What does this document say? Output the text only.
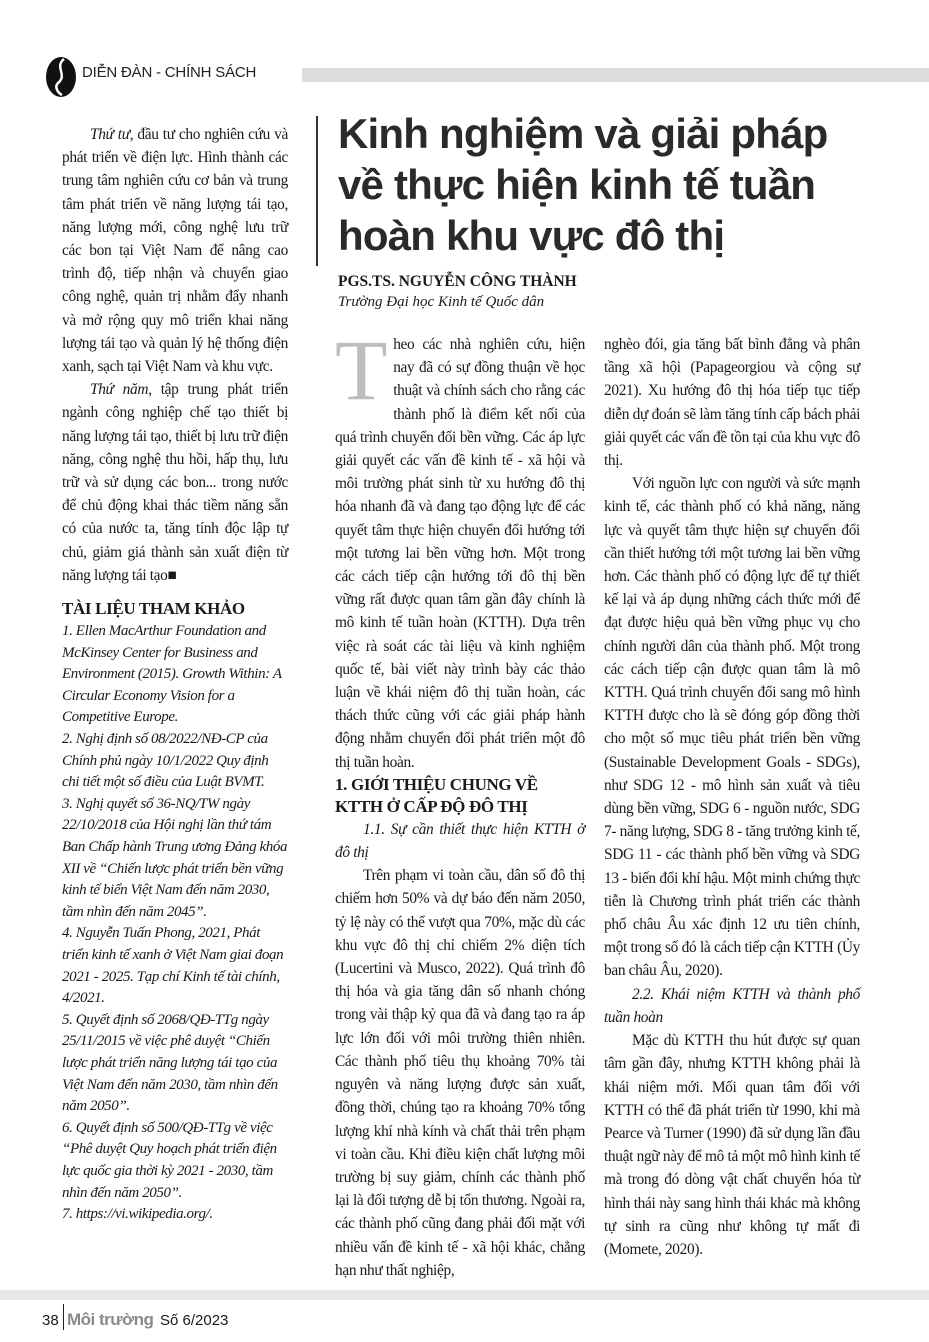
DIỄN ĐÀN - CHÍNH SÁCH
Kinh nghiệm và giải pháp về thực hiện kinh tế tuần hoàn khu vực đô thị
PGS.TS. NGUYỄN CÔNG THÀNH
Trường Đại học Kinh tế Quốc dân

Thứ tư, đầu tư cho nghiên cứu và phát triển về điện lực. Hình thành các trung tâm nghiên cứu cơ bản và trung tâm phát triển về năng lượng tái tạo, năng lượng mới, công nghệ lưu trữ các bon tại Việt Nam để nâng cao trình độ, tiếp nhận và chuyển giao công nghệ, quản trị nhằm đẩy nhanh và mở rộng quy mô triển khai năng lượng tái tạo và quản lý hệ thống điện xanh, sạch tại Việt Nam và khu vực.

Thứ năm, tập trung phát triển ngành công nghiệp chế tạo thiết bị năng lượng tái tạo, thiết bị lưu trữ điện năng, công nghệ thu hồi, hấp thụ, lưu trữ và sử dụng các bon... trong nước để chủ động khai thác tiềm năng sẵn có của nước ta, tăng tính độc lập tự chủ, giảm giá thành sản xuất điện từ năng lượng tái tạo■

TÀI LIỆU THAM KHẢO

1. Ellen MacArthur Foundation and McKinsey Center for Business and Environment (2015). Growth Within: A Circular Economy Vision for a Competitive Europe.

2. Nghị định số 08/2022/NĐ-CP của Chính phủ ngày 10/1/2022 Quy định chi tiết một số điều của Luật BVMT.

3. Nghị quyết số 36-NQ/TW ngày 22/10/2018 của Hội nghị lần thứ tám Ban Chấp hành Trung ương Đảng khóa XII về “Chiến lược phát triển bền vững kinh tế biển Việt Nam đến năm 2030, tầm nhìn đến năm 2045”.

4. Nguyễn Tuấn Phong, 2021, Phát triển kinh tế xanh ở Việt Nam giai đoạn 2021 - 2025. Tạp chí Kinh tế tài chính, 4/2021.

5. Quyết định số 2068/QĐ-TTg ngày 25/11/2015 về việc phê duyệt “Chiến lược phát triển năng lượng tái tạo của Việt Nam đến năm 2030, tầm nhìn đến năm 2050”.

6. Quyết định số 500/QĐ-TTg về việc “Phê duyệt Quy hoạch phát triển điện lực quốc gia thời kỳ 2021 - 2030, tầm nhìn đến năm 2050”.

7. https://vi.wikipedia.org/.

Theo các nhà nghiên cứu, hiện nay đã có sự đồng thuận về học thuật và chính sách cho rằng các thành phố là điểm kết nối của quá trình chuyển đổi bền vững. Các áp lực giải quyết các vấn đề kinh tế - xã hội và môi trường phát sinh từ xu hướng đô thị hóa nhanh đã và đang tạo động lực để các quyết tâm thực hiện chuyển đổi hướng tới một tương lai bền vững hơn. Một trong các cách tiếp cận hướng tới đô thị bền vững rất được quan tâm gần đây chính là mô kinh tế tuần hoàn (KTTH). Dựa trên việc rà soát các tài liệu và kinh nghiệm quốc tế, bài viết này trình bày các thảo luận về khái niệm đô thị tuần hoàn, các thách thức cũng với các giải pháp hành động nhằm chuyển đổi phát triển một đô thị tuần hoàn.

1. GIỚI THIỆU CHUNG VỀ KTTH Ở CẤP ĐỘ ĐÔ THỊ

1.1. Sự cần thiết thực hiện KTTH ở đô thị

Trên phạm vi toàn cầu, dân số đô thị chiếm hơn 50% và dự báo đến năm 2050, tỷ lệ này có thể vượt qua 70%, mặc dù các khu vực đô thị chỉ chiếm 2% diện tích (Lucertini và Musco, 2022). Quá trình đô thị hóa và gia tăng dân số nhanh chóng trong vài thập kỷ qua đã và đang tạo ra áp lực lớn đối với môi trường thiên nhiên. Các thành phố tiêu thụ khoảng 70% tài nguyên và năng lượng được sản xuất, đồng thời, chúng tạo ra khoảng 70% tổng lượng khí nhà kính và chất thải trên phạm vi toàn cầu. Khi điều kiện chất lượng môi trường bị suy giảm, chính các thành phố lại là đối tượng dễ bị tổn thương. Ngoài ra, các thành phố cũng đang phải đối mặt với nhiều vấn đề kinh tế - xã hội khác, chẳng hạn như thất nghiệp,

nghèo đói, gia tăng bất bình đẳng và phân tầng xã hội (Papageorgiou và cộng sự 2021). Xu hướng đô thị hóa tiếp tục tiếp diễn dự đoán sẽ làm tăng tính cấp bách phải giải quyết các vấn đề tồn tại của khu vực đô thị.

Với nguồn lực con người và sức mạnh kinh tế, các thành phố có khả năng, năng lực và quyết tâm thực hiện sự chuyển đổi cần thiết hướng tới một tương lai bền vững hơn. Các thành phố có động lực để tự thiết kế lại và áp dụng những cách thức mới để đạt được hiệu quả bền vững phục vụ cho chính người dân của thành phố. Một trong các cách tiếp cận được quan tâm là mô KTTH. Quá trình chuyển đổi sang mô hình KTTH được cho là sẽ đóng góp đồng thời cho một số mục tiêu phát triển bền vững (Sustainable Development Goals - SDGs), như SDG 12 - mô hình sản xuất và tiêu dùng bền vững, SDG 6 - nguồn nước, SDG 7- năng lượng, SDG 8 - tăng trưởng kinh tế, SDG 11 - các thành phố bền vững và SDG 13 - biến đổi khí hậu. Một minh chứng thực tiễn là Chương trình phát triển các thành phố châu Âu xác định 12 ưu tiên chính, một trong số đó là cách tiếp cận KTTH (Ủy ban châu Âu, 2020).

2.2. Khái niệm KTTH và thành phố tuần hoàn

Mặc dù KTTH thu hút được sự quan tâm gần đây, nhưng KTTH không phải là khái niệm mới. Mối quan tâm đối với KTTH có thể đã phát triển từ 1990, khi mà Pearce và Turner (1990) đã sử dụng lần đầu thuật ngữ này để mô tả một mô hình kinh tế mà trong đó dòng vật chất chuyển hóa từ hình thái này sang hình thái khác mà không tự sinh ra cũng như không tự mất đi (Momete, 2020).

38 Môi trường Số 6/2023
